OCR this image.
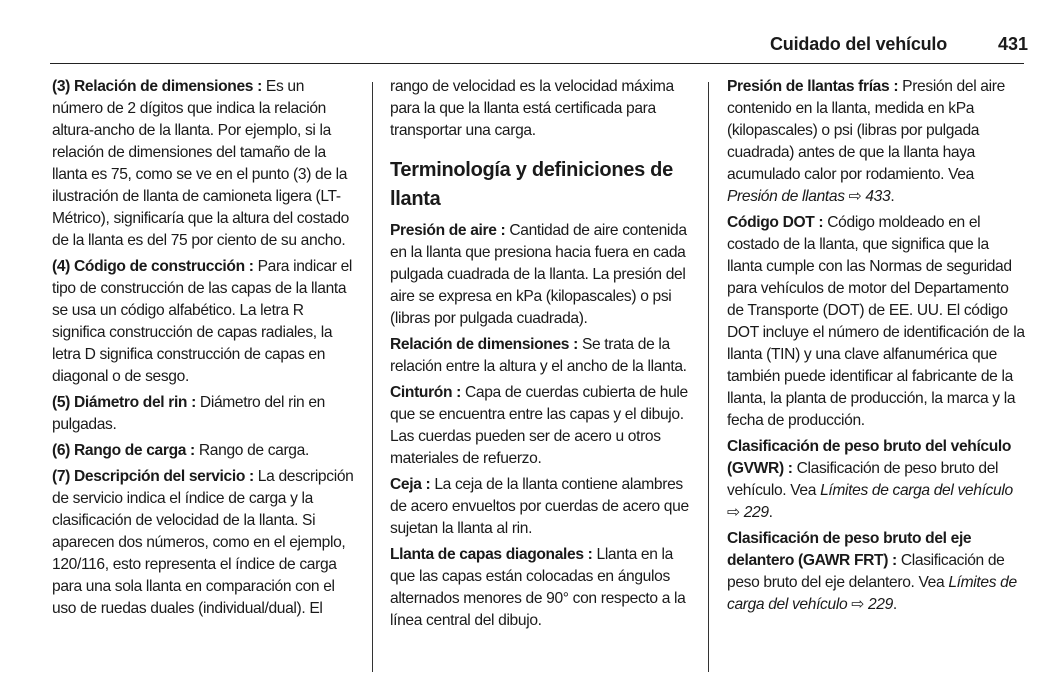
Cuidado del vehículo	431

(3) Relación de dimensiones : Es un número de 2 dígitos que indica la relación altura-ancho de la llanta. Por ejemplo, si la relación de dimensiones del tamaño de la llanta es 75, como se ve en el punto (3) de la ilustración de llanta de camioneta ligera (LT-Métrico), significaría que la altura del costado de la llanta es del 75 por ciento de su ancho.

(4) Código de construcción : Para indicar el tipo de construcción de las capas de la llanta se usa un código alfabético. La letra R significa construcción de capas radiales, la letra D significa construcción de capas en diagonal o de sesgo.

(5) Diámetro del rin : Diámetro del rin en pulgadas.

(6) Rango de carga : Rango de carga.

(7) Descripción del servicio : La descripción de servicio indica el índice de carga y la clasificación de velocidad de la llanta. Si aparecen dos números, como en el ejemplo, 120/116, esto representa el índice de carga para una sola llanta en comparación con el uso de ruedas duales (individual/dual). El

rango de velocidad es la velocidad máxima para la que la llanta está certificada para transportar una carga.

Terminología y definiciones de llanta

Presión de aire : Cantidad de aire contenida en la llanta que presiona hacia fuera en cada pulgada cuadrada de la llanta. La presión del aire se expresa en kPa (kilopascales) o psi (libras por pulgada cuadrada).

Relación de dimensiones : Se trata de la relación entre la altura y el ancho de la llanta.

Cinturón : Capa de cuerdas cubierta de hule que se encuentra entre las capas y el dibujo. Las cuerdas pueden ser de acero u otros materiales de refuerzo.

Ceja : La ceja de la llanta contiene alambres de acero envueltos por cuerdas de acero que sujetan la llanta al rin.

Llanta de capas diagonales : Llanta en la que las capas están colocadas en ángulos alternados menores de 90° con respecto a la línea central del dibujo.

Presión de llantas frías : Presión del aire contenido en la llanta, medida en kPa (kilopascales) o psi (libras por pulgada cuadrada) antes de que la llanta haya acumulado calor por rodamiento. Vea Presión de llantas ⇨ 433.

Código DOT : Código moldeado en el costado de la llanta, que significa que la llanta cumple con las Normas de seguridad para vehículos de motor del Departamento de Transporte (DOT) de EE. UU. El código DOT incluye el número de identificación de la llanta (TIN) y una clave alfanumérica que también puede identificar al fabricante de la llanta, la planta de producción, la marca y la fecha de producción.

Clasificación de peso bruto del vehículo (GVWR) : Clasificación de peso bruto del vehículo. Vea Límites de carga del vehículo ⇨ 229.

Clasificación de peso bruto del eje delantero (GAWR FRT) : Clasificación de peso bruto del eje delantero. Vea Límites de carga del vehículo ⇨ 229.
